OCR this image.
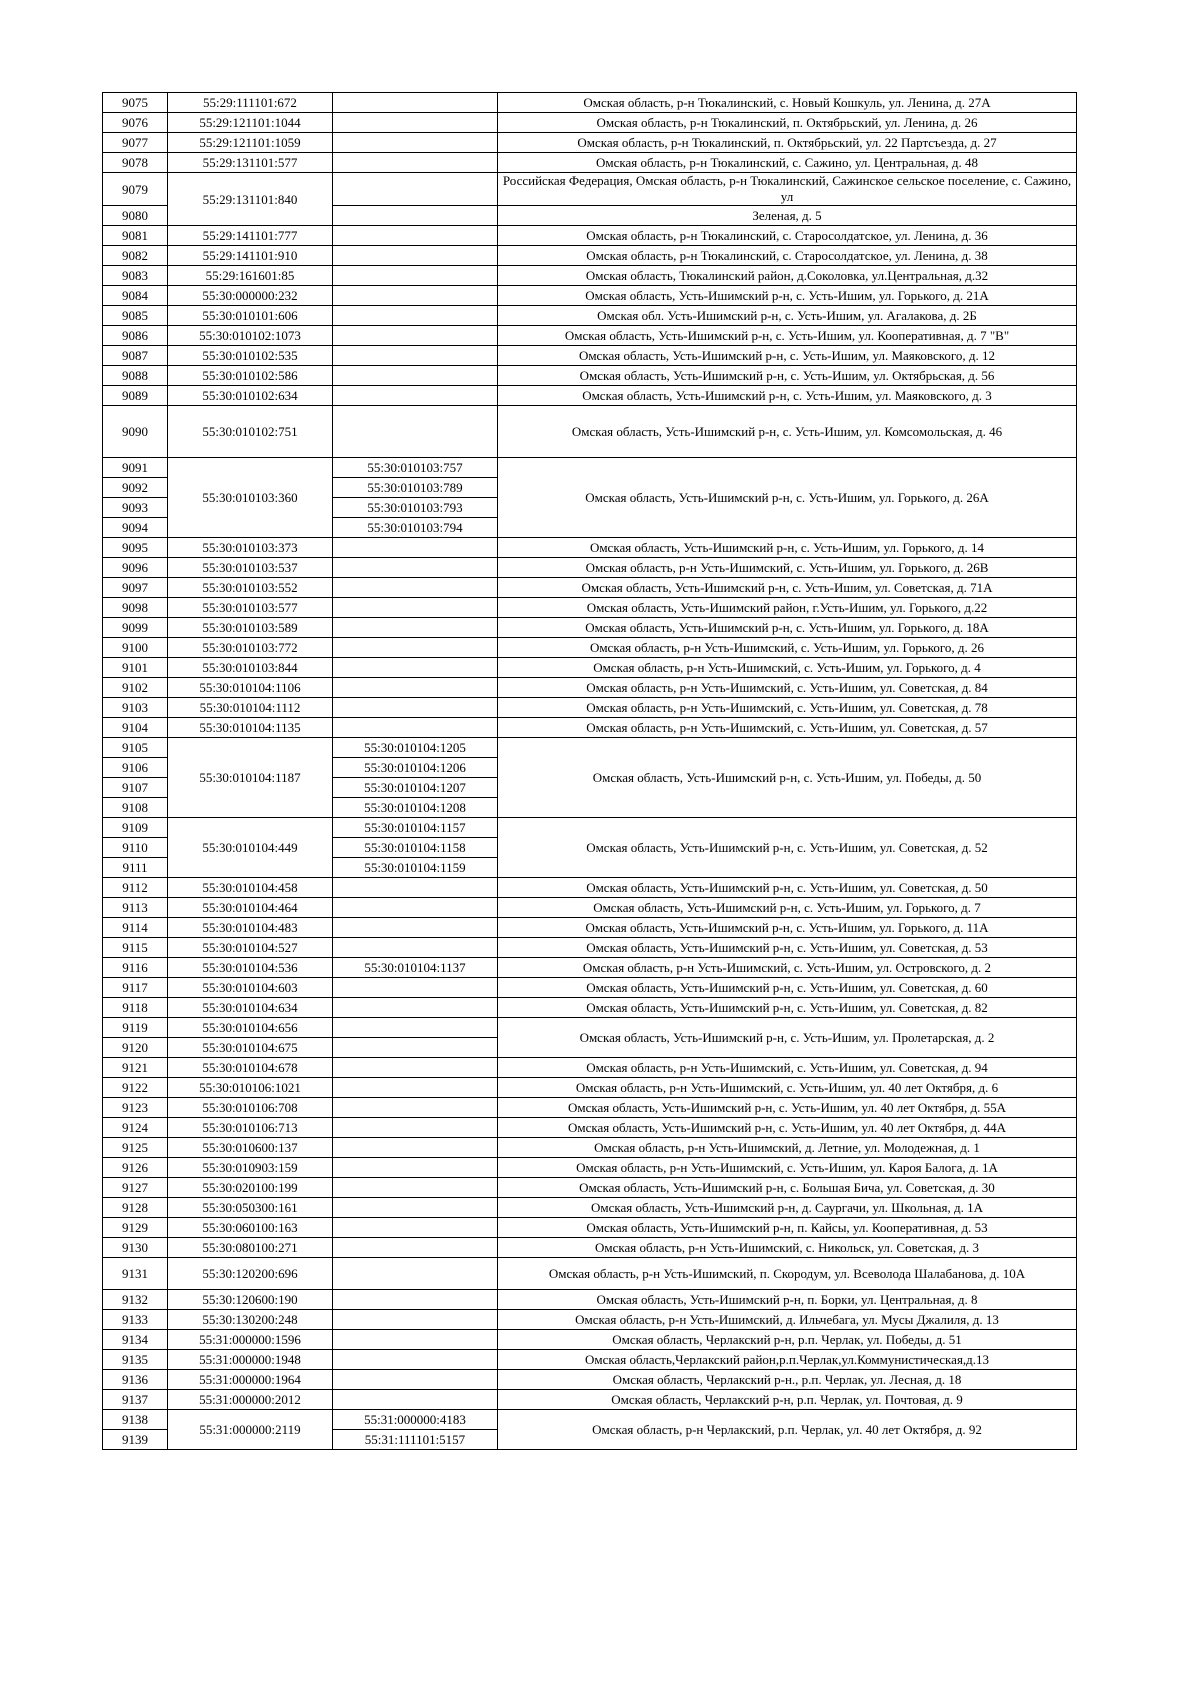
9075	55:29:111101:672		Омская область, р-н Тюкалинский, с. Новый Кошкуль, ул. Ленина, д. 27А
9076	55:29:121101:1044		Омская область, р-н Тюкалинский, п. Октябрьский, ул. Ленина, д. 26
9077	55:29:121101:1059		Омская область, р-н Тюкалинский, п. Октябрьский, ул. 22 Партсъезда, д. 27
9078	55:29:131101:577		Омская область, р-н Тюкалинский, с. Сажино, ул. Центральная, д. 48
9079	55:29:131101:840		Российская Федерация, Омская область, р-н Тюкалинский, Сажинское сельское поселение, с. Сажино, ул
9080			Зеленая, д. 5
9081	55:29:141101:777		Омская область, р-н Тюкалинский, с. Старосолдатское, ул. Ленина, д. 36
9082	55:29:141101:910		Омская область, р-н Тюкалинский, с. Старосолдатское, ул. Ленина, д. 38
9083	55:29:161601:85		Омская область, Тюкалинский район, д.Соколовка, ул.Центральная, д.32
9084	55:30:000000:232		Омская область, Усть-Ишимский р-н, с. Усть-Ишим, ул. Горького, д. 21А
9085	55:30:010101:606		Омская обл. Усть-Ишимский р-н, с. Усть-Ишим, ул. Агалакова, д. 2Б
9086	55:30:010102:1073		Омская область, Усть-Ишимский р-н, с. Усть-Ишим, ул. Кооперативная, д. 7 "В"
9087	55:30:010102:535		Омская область, Усть-Ишимский р-н, с. Усть-Ишим, ул. Маяковского, д. 12
9088	55:30:010102:586		Омская область, Усть-Ишимский р-н, с. Усть-Ишим, ул. Октябрьская, д. 56
9089	55:30:010102:634		Омская область, Усть-Ишимский р-н, с. Усть-Ишим, ул. Маяковского, д. 3
9090	55:30:010102:751		Омская область, Усть-Ишимский р-н, с. Усть-Ишим, ул. Комсомольская, д. 46
9091	55:30:010103:360	55:30:010103:757	Омская область, Усть-Ишимский р-н, с. Усть-Ишим, ул. Горького, д. 26А
9092		55:30:010103:789	
9093		55:30:010103:793	
9094		55:30:010103:794	
9095	55:30:010103:373		Омская область, Усть-Ишимский р-н, с. Усть-Ишим, ул. Горького, д. 14
9096	55:30:010103:537		Омская область, р-н Усть-Ишимский, с. Усть-Ишим, ул. Горького, д. 26В
9097	55:30:010103:552		Омская область, Усть-Ишимский р-н, с. Усть-Ишим, ул. Советская, д. 71А
9098	55:30:010103:577		Омская область, Усть-Ишимский район, г.Усть-Ишим, ул. Горького, д.22
9099	55:30:010103:589		Омская область, Усть-Ишимский р-н, с. Усть-Ишим, ул. Горького, д. 18А
9100	55:30:010103:772		Омская область, р-н Усть-Ишимский, с. Усть-Ишим, ул. Горького, д. 26
9101	55:30:010103:844		Омская область, р-н Усть-Ишимский, с. Усть-Ишим, ул. Горького, д. 4
9102	55:30:010104:1106		Омская область, р-н Усть-Ишимский, с. Усть-Ишим, ул. Советская, д. 84
9103	55:30:010104:1112		Омская область, р-н Усть-Ишимский, с. Усть-Ишим, ул. Советская, д. 78
9104	55:30:010104:1135		Омская область, р-н Усть-Ишимский, с. Усть-Ишим, ул. Советская, д. 57
9105	55:30:010104:1187	55:30:010104:1205	Омская область, Усть-Ишимский р-н, с. Усть-Ишим, ул. Победы, д. 50
9106		55:30:010104:1206	
9107		55:30:010104:1207	
9108		55:30:010104:1208	
9109	55:30:010104:449	55:30:010104:1157	Омская область, Усть-Ишимский р-н, с. Усть-Ишим, ул. Советская, д. 52
9110		55:30:010104:1158	
9111		55:30:010104:1159	
9112	55:30:010104:458		Омская область, Усть-Ишимский р-н, с. Усть-Ишим, ул. Советская, д. 50
9113	55:30:010104:464		Омская область, Усть-Ишимский р-н, с. Усть-Ишим, ул. Горького, д. 7
9114	55:30:010104:483		Омская область, Усть-Ишимский р-н, с. Усть-Ишим, ул. Горького, д. 11А
9115	55:30:010104:527		Омская область, Усть-Ишимский р-н, с. Усть-Ишим, ул. Советская, д. 53
9116	55:30:010104:536	55:30:010104:1137	Омская область, р-н Усть-Ишимский, с. Усть-Ишим, ул. Островского, д. 2
9117	55:30:010104:603		Омская область, Усть-Ишимский р-н, с. Усть-Ишим, ул. Советская, д. 60
9118	55:30:010104:634		Омская область, Усть-Ишимский р-н, с. Усть-Ишим, ул. Советская, д. 82
9119	55:30:010104:656		Омская область, Усть-Ишимский р-н, с. Усть-Ишим, ул. Пролетарская, д. 2
9120	55:30:010104:675		
9121	55:30:010104:678		Омская область, р-н Усть-Ишимский, с. Усть-Ишим, ул. Советская, д. 94
9122	55:30:010106:1021		Омская область, р-н Усть-Ишимский, с. Усть-Ишим, ул. 40 лет Октября, д. 6
9123	55:30:010106:708		Омская область, Усть-Ишимский р-н, с. Усть-Ишим, ул. 40 лет Октября, д. 55А
9124	55:30:010106:713		Омская область, Усть-Ишимский р-н, с. Усть-Ишим, ул. 40 лет Октября, д. 44А
9125	55:30:010600:137		Омская область, р-н Усть-Ишимский, д. Летние, ул. Молодежная, д. 1
9126	55:30:010903:159		Омская область, р-н Усть-Ишимский, с. Усть-Ишим, ул. Кароя Балога, д. 1А
9127	55:30:020100:199		Омская область, Усть-Ишимский р-н, с. Большая Бича, ул. Советская, д. 30
9128	55:30:050300:161		Омская область, Усть-Ишимский р-н, д. Саургачи, ул. Школьная, д. 1А
9129	55:30:060100:163		Омская область, Усть-Ишимский р-н, п. Кайсы, ул. Кооперативная, д. 53
9130	55:30:080100:271		Омская область, р-н Усть-Ишимский, с. Никольск, ул. Советская, д. 3
9131	55:30:120200:696		Омская область, р-н Усть-Ишимский, п. Скородум, ул. Всеволода Шалабанова, д. 10А
9132	55:30:120600:190		Омская область, Усть-Ишимский р-н, п. Борки, ул. Центральная, д. 8
9133	55:30:130200:248		Омская область, р-н Усть-Ишимский, д. Ильчебага, ул. Мусы Джалиля, д. 13
9134	55:31:000000:1596		Омская область, Черлакский р-н, р.п. Черлак, ул. Победы, д. 51
9135	55:31:000000:1948		Омская область,Черлакский район,р.п.Черлак,ул.Коммунистическая,д.13
9136	55:31:000000:1964		Омская область, Черлакский р-н., р.п. Черлак, ул. Лесная, д. 18
9137	55:31:000000:2012		Омская область, Черлакский р-н, р.п. Черлак, ул. Почтовая, д. 9
9138	55:31:000000:2119	55:31:000000:4183	Омская область, р-н Черлакский, р.п. Черлак, ул. 40 лет Октября, д. 92
9139		55:31:111101:5157	
